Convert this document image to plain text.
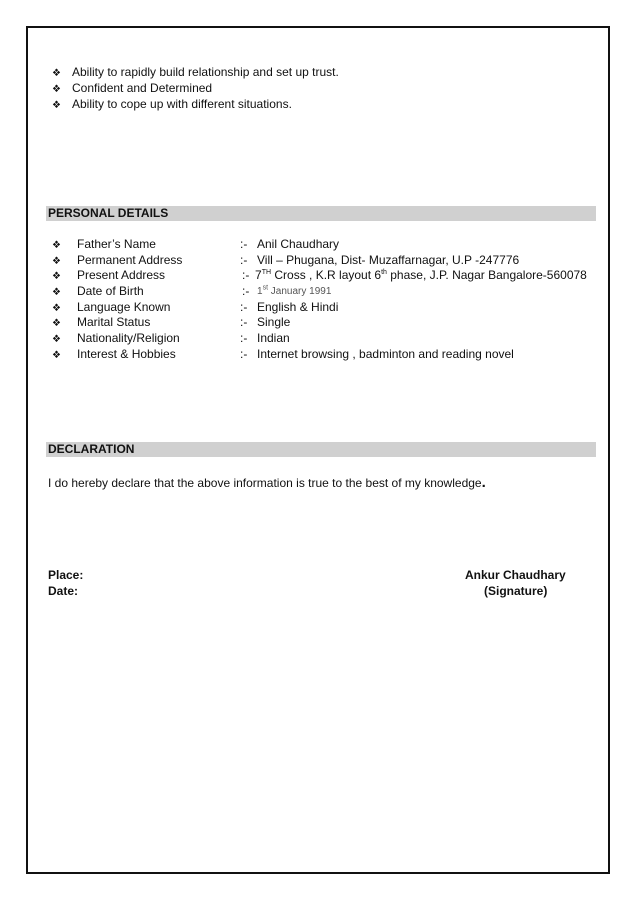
❖ Ability to rapidly build relationship and set up trust.
❖ Confident and Determined
❖ Ability to cope up with different situations.
PERSONAL DETAILS
❖ Father’s Name	:- Anil Chaudhary
❖ Permanent Address	:- Vill – Phugana, Dist- Muzaffarnagar, U.P -247776
❖ Present Address	:- 7TH Cross , K.R layout 6th phase, J.P. Nagar Bangalore-560078
❖ Date of Birth	:- 1st January 1991
❖ Language Known	:- English & Hindi
❖ Marital Status	:- Single
❖ Nationality/Religion	:- Indian
❖ Interest & Hobbies	:- Internet browsing , badminton and reading novel
DECLARATION
I do hereby declare that the above information is true to the best of my knowledge.
Place:
Date:
Ankur Chaudhary
(Signature)
